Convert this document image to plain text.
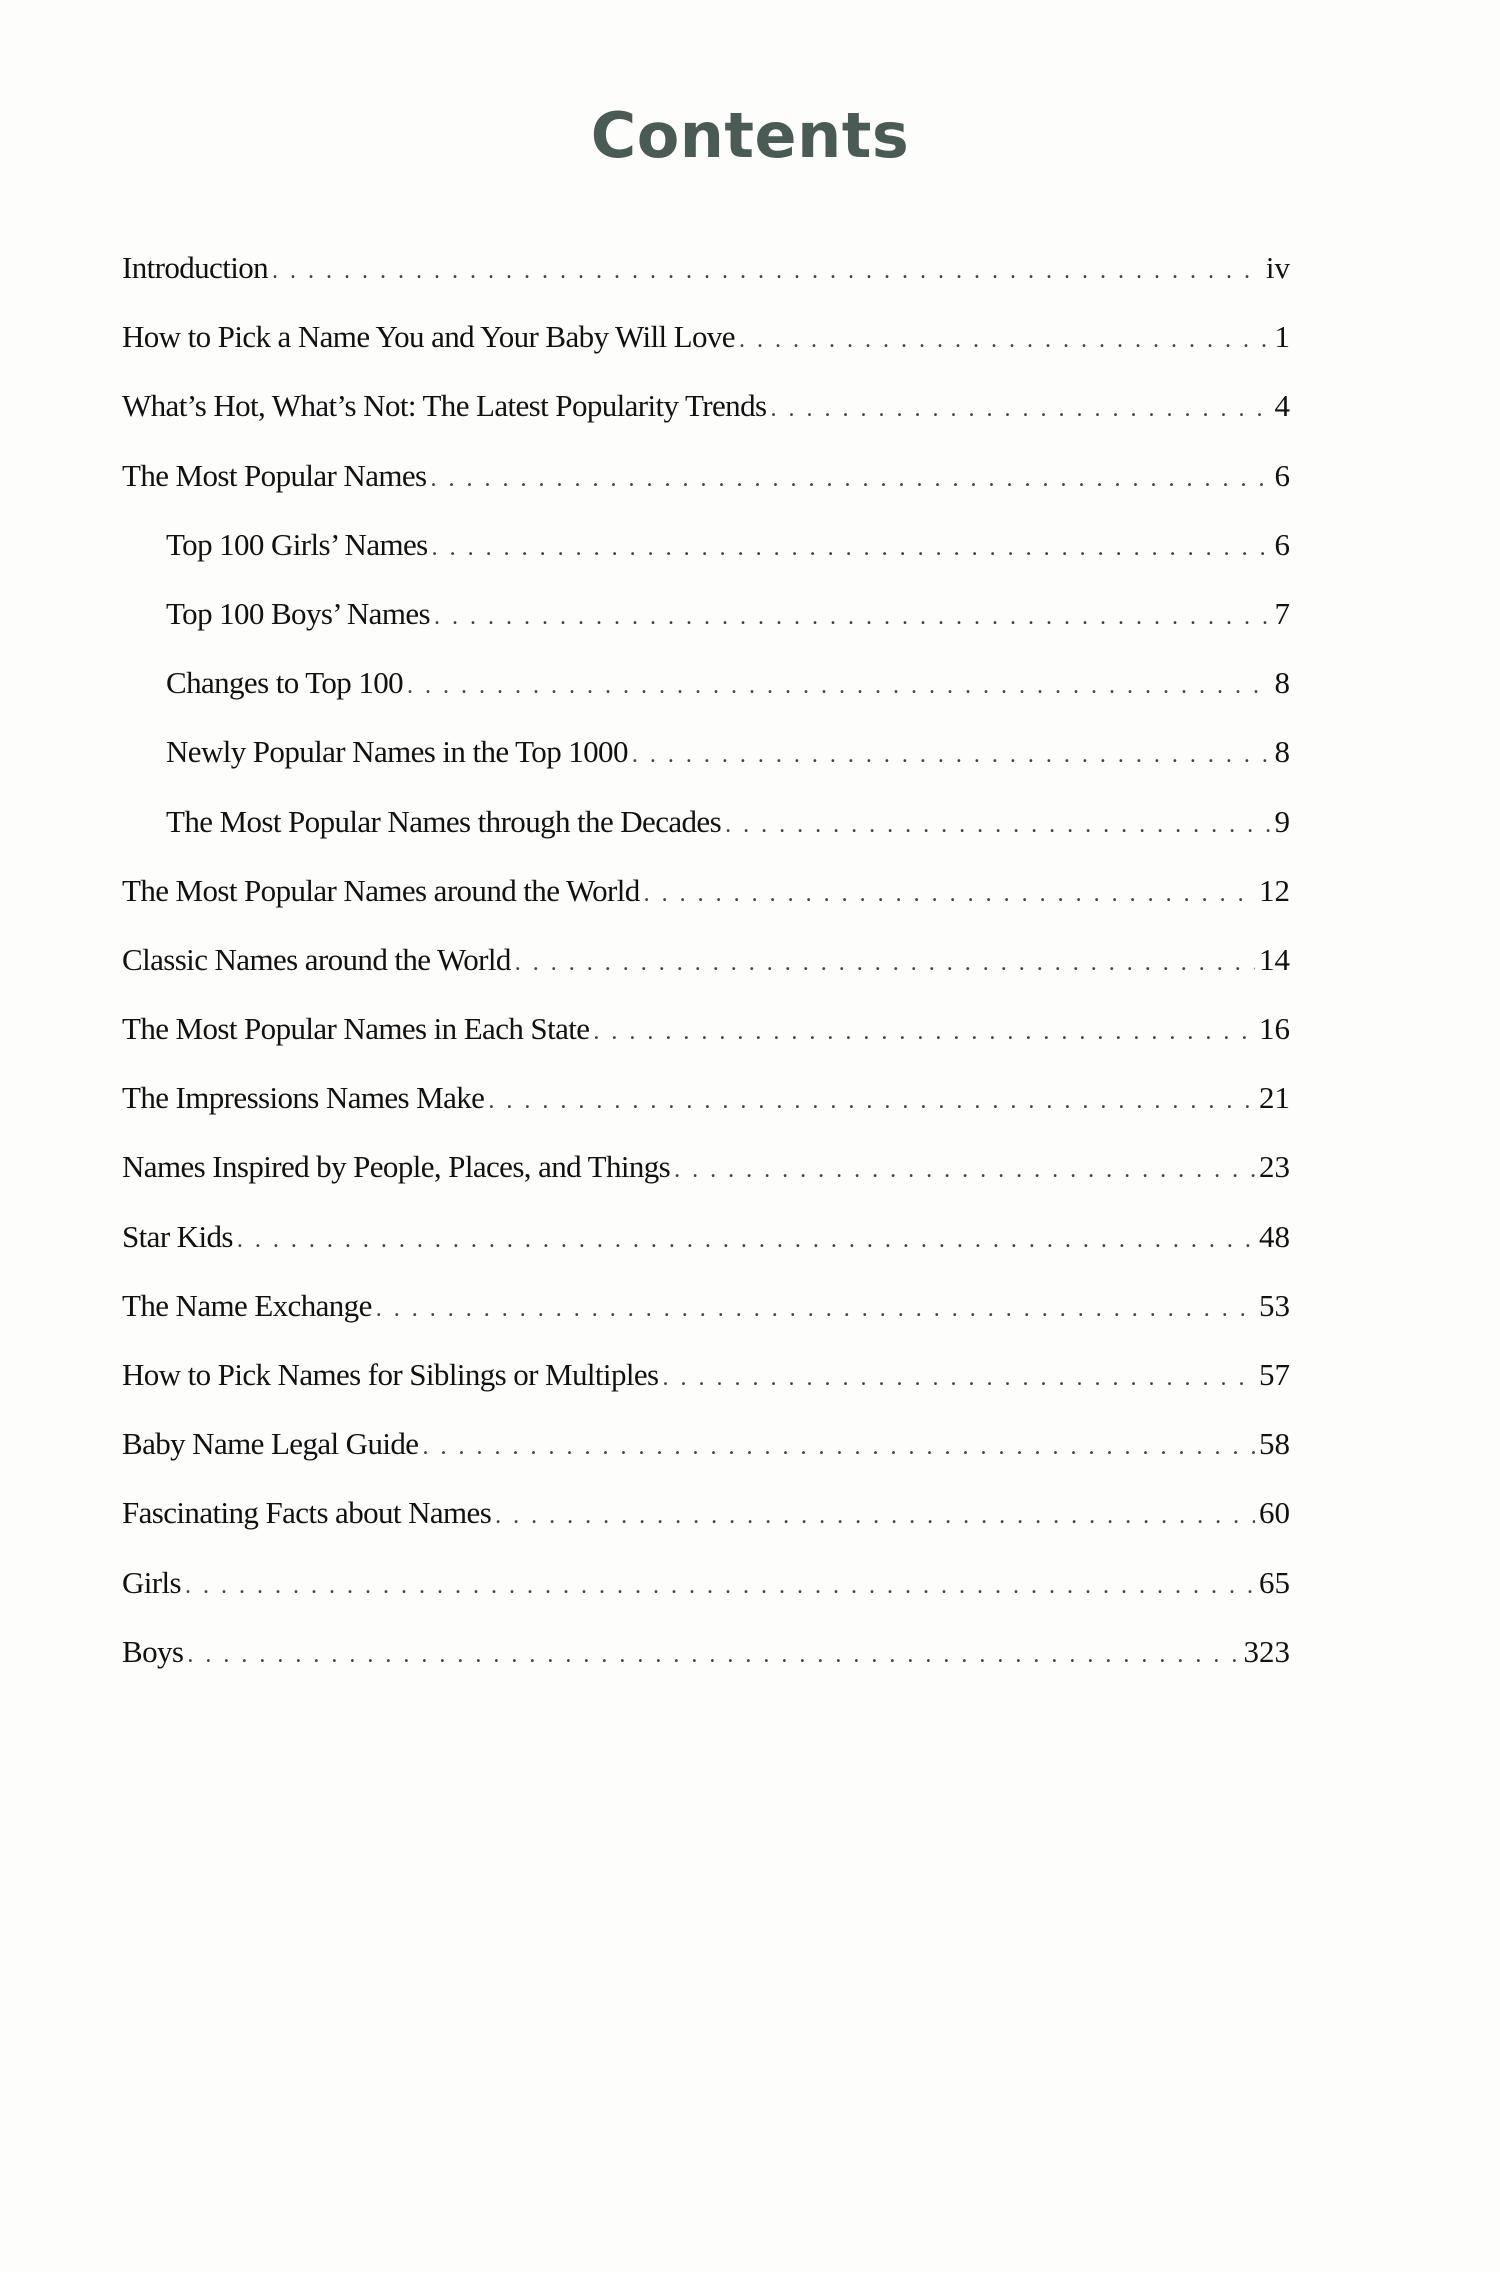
Contents
Introduction . . .	iv
How to Pick a Name You and Your Baby Will Love . . .	1
What’s Hot, What’s Not: The Latest Popularity Trends . . .	4
The Most Popular Names . . .	6
Top 100 Girls’ Names . . .	6
Top 100 Boys’ Names . . .	7
Changes to Top 100 . . .	8
Newly Popular Names in the Top 1000 . . .	8
The Most Popular Names through the Decades . . .	9
The Most Popular Names around the World . . .	12
Classic Names around the World . . .	14
The Most Popular Names in Each State . . .	16
The Impressions Names Make . . .	21
Names Inspired by People, Places, and Things . . .	23
Star Kids . . .	48
The Name Exchange . . .	53
How to Pick Names for Siblings or Multiples . . .	57
Baby Name Legal Guide . . .	58
Fascinating Facts about Names . . .	60
Girls . . .	65
Boys . . .	323
